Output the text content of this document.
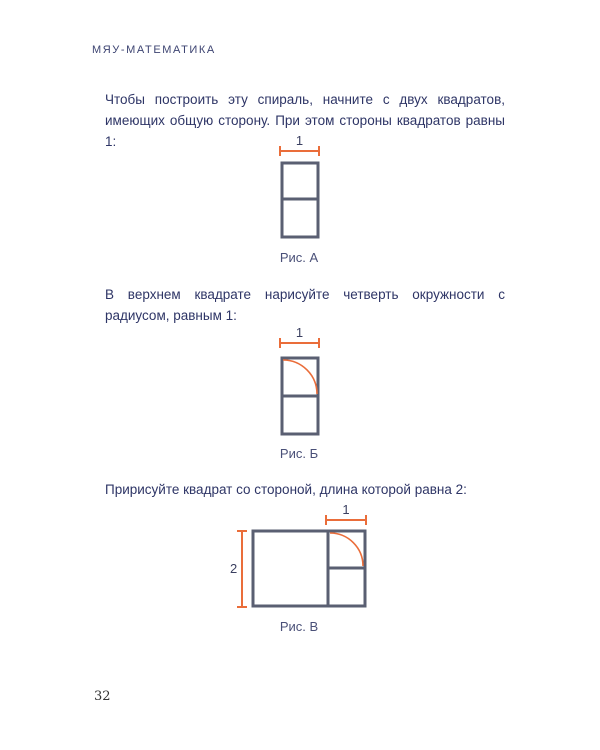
МЯУ-МАТЕМАТИКА
Чтобы построить эту спираль, начните с двух квадратов, имеющих общую сторону. При этом стороны квадратов равны 1:	1
Рис. А
В верхнем квадрате нарисуйте четверть окружности с радиусом, равным 1:
1
Рис. Б
Пририсуйте квадрат со стороной, длина которой равна 2:
1
2
Рис. В
32
